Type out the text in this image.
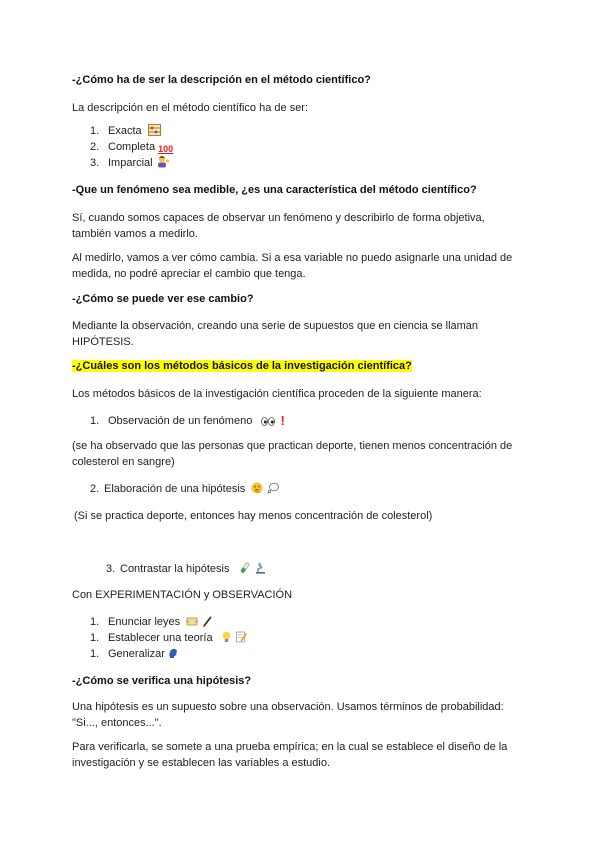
-¿Cómo ha de ser la descripción en el método científico?
La descripción en el método científico ha de ser:
1. Exacta
2. Completa 100
3. Imparcial
-Que un fenómeno sea medible, ¿es una característica del método científico?
Sí, cuando somos capaces de observar un fenómeno y describirlo de forma objetiva, también vamos a medirlo.
Al medirlo, vamos a ver cómo cambia. Si a esa variable no puedo asignarle una unidad de medida, no podré apreciar el cambio que tenga.
-¿Cómo se puede ver ese cambio?
Mediante la observación, creando una serie de supuestos que en ciencia se llaman HIPÓTESIS.
-¿Cuáles son los métodos básicos de la investigación científica?
Los métodos básicos de la investigación científica proceden de la siguiente manera:
1. Observación de un fenómeno !
(se ha observado que las personas que practican deporte, tienen menos concentración de colesterol en sangre)
2. Elaboración de una hipótesis
(Si se practica deporte, entonces hay menos concentración de colesterol)
3. Contrastar la hipótesis
Con EXPERIMENTACIÓN y OBSERVACIÓN
1. Enunciar leyes
1. Establecer una teoría
1. Generalizar
-¿Cómo se verifica una hipótesis?
Una hipótesis es un supuesto sobre una observación. Usamos términos de probabilidad: "Si..., entonces...".
Para verificarla, se somete a una prueba empírica; en la cual se establece el diseño de la investigación y se establecen las variables a estudio.
